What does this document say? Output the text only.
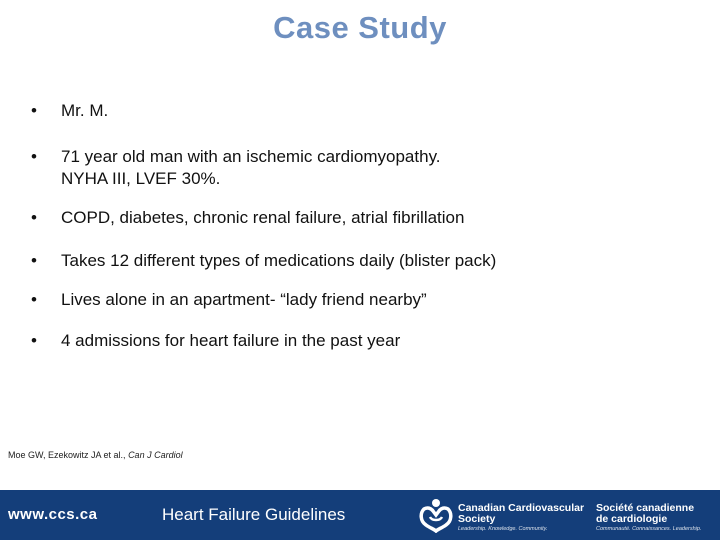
Case Study
•	Mr. M.
•	71 year old man with an ischemic cardiomyopathy.
NYHA III, LVEF 30%.
•	COPD, diabetes, chronic renal failure, atrial fibrillation
•	Takes 12 different types of medications daily (blister pack)
•	Lives alone in an apartment- “lady friend nearby”
•	4 admissions for heart failure in the past year
Moe GW, Ezekowitz JA et al., Can J Cardiol
www.ccs.ca	Heart Failure Guidelines	Canadian Cardiovascular
Society
Leadership. Knowledge. Community.
Société canadienne
de cardiologie
Communauté. Connaissances. Leadership.
